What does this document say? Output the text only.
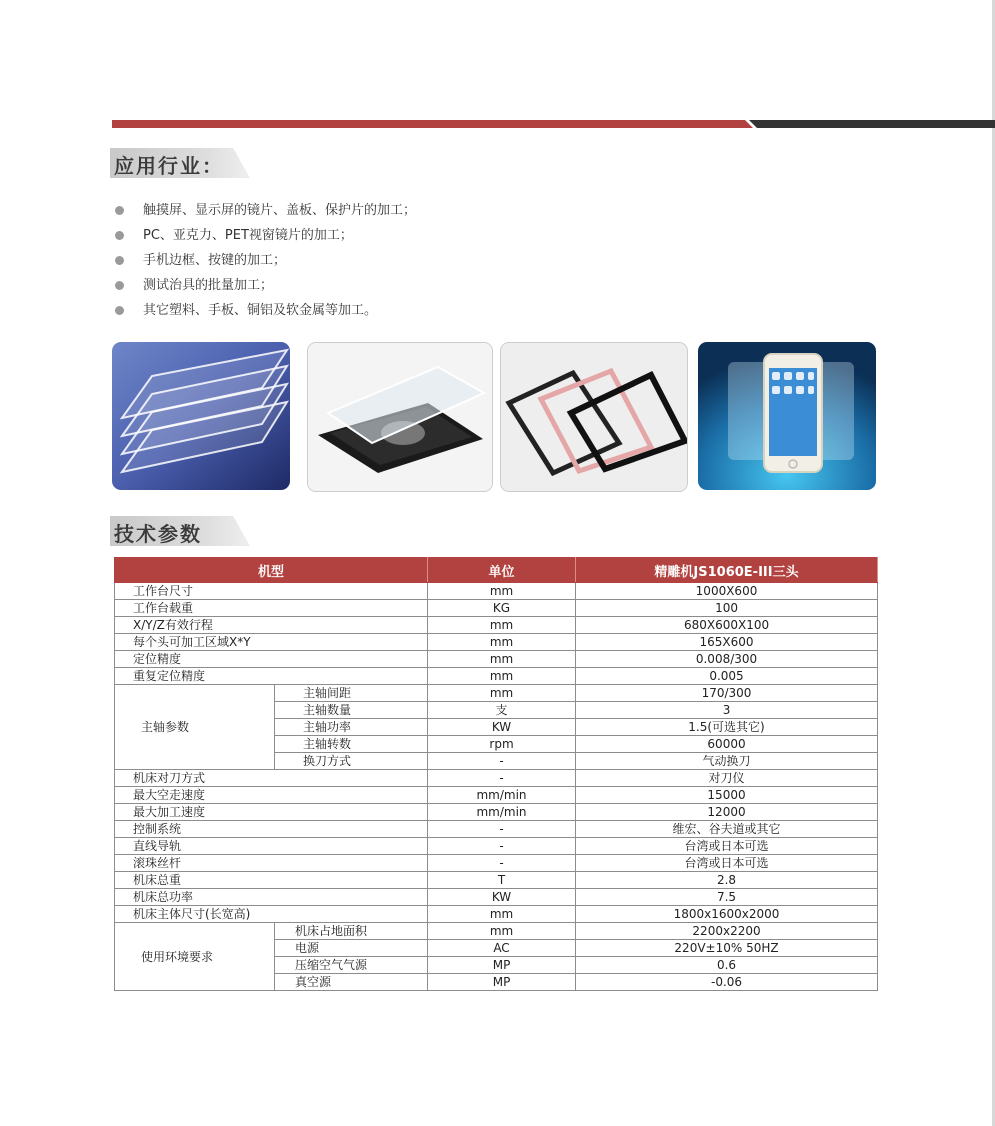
应用行业：
触摸屏、显示屏的镜片、盖板、保护片的加工；
PC、亚克力、PET视窗镜片的加工；
手机边框、按键的加工；
测试治具的批量加工；
其它塑料、手板、铜铝及软金属等加工。
技术参数
机型		单位	精雕机JS1060E-III三头
工作台尺寸		mm	1000X600
工作台载重		KG	100
X/Y/Z有效行程		mm	680X600X100
每个头可加工区域X*Y		mm	165X600
定位精度		mm	0.008/300
重复定位精度		mm	0.005
主轴参数	主轴间距	mm	170/300
	主轴数量	支	3
	主轴功率	KW	1.5(可选其它)
	主轴转数	rpm	60000
	换刀方式	-	气动换刀
机床对刀方式		-	对刀仪
最大空走速度		mm/min	15000
最大加工速度		mm/min	12000
控制系统		-	维宏、谷夫道或其它
直线导轨		-	台湾或日本可选
滚珠丝杆		-	台湾或日本可选
机床总重		T	2.8
机床总功率		KW	7.5
机床主体尺寸(长宽高)		mm	1800x1600x2000
使用环境要求	机床占地面积	mm	2200x2200
	电源	AC	220V±10% 50HZ
	压缩空气气源	MP	0.6
	真空源	MP	-0.06
